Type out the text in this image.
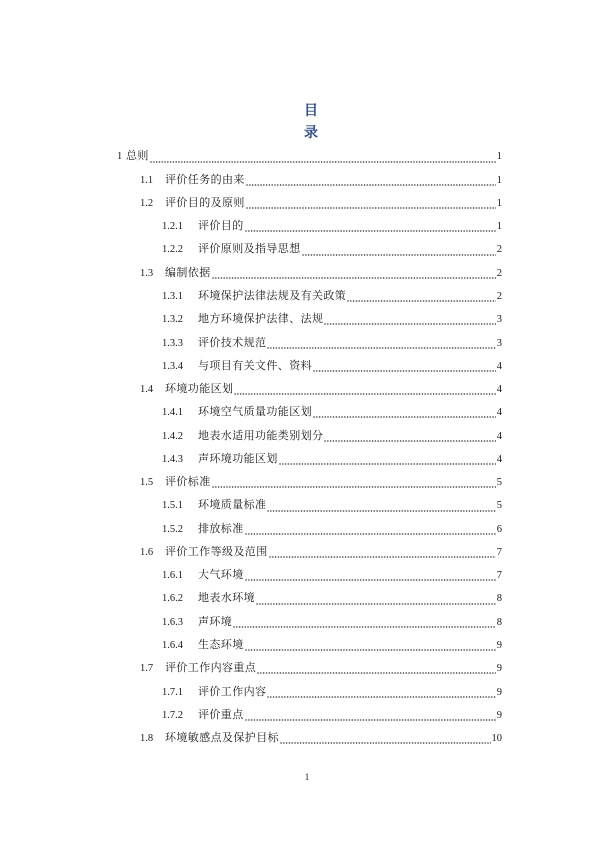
目　录
1 总则	1
1.1	评价任务的由来	1
1.2	评价目的及原则	1
1.2.1	评价目的	1
1.2.2	评价原则及指导思想	2
1.3	编制依据	2
1.3.1	环境保护法律法规及有关政策	2
1.3.2	地方环境保护法律、法规	3
1.3.3	评价技术规范	3
1.3.4	与项目有关文件、资料	4
1.4	环境功能区划	4
1.4.1	环境空气质量功能区划	4
1.4.2	地表水适用功能类别划分	4
1.4.3	声环境功能区划	4
1.5	评价标准	5
1.5.1	环境质量标准	5
1.5.2	排放标准	6
1.6	评价工作等级及范围	7
1.6.1	大气环境	7
1.6.2	地表水环境	8
1.6.3	声环境	8
1.6.4	生态环境	9
1.7	评价工作内容重点	9
1.7.1	评价工作内容	9
1.7.2	评价重点	9
1.8	环境敏感点及保护目标	10
1
